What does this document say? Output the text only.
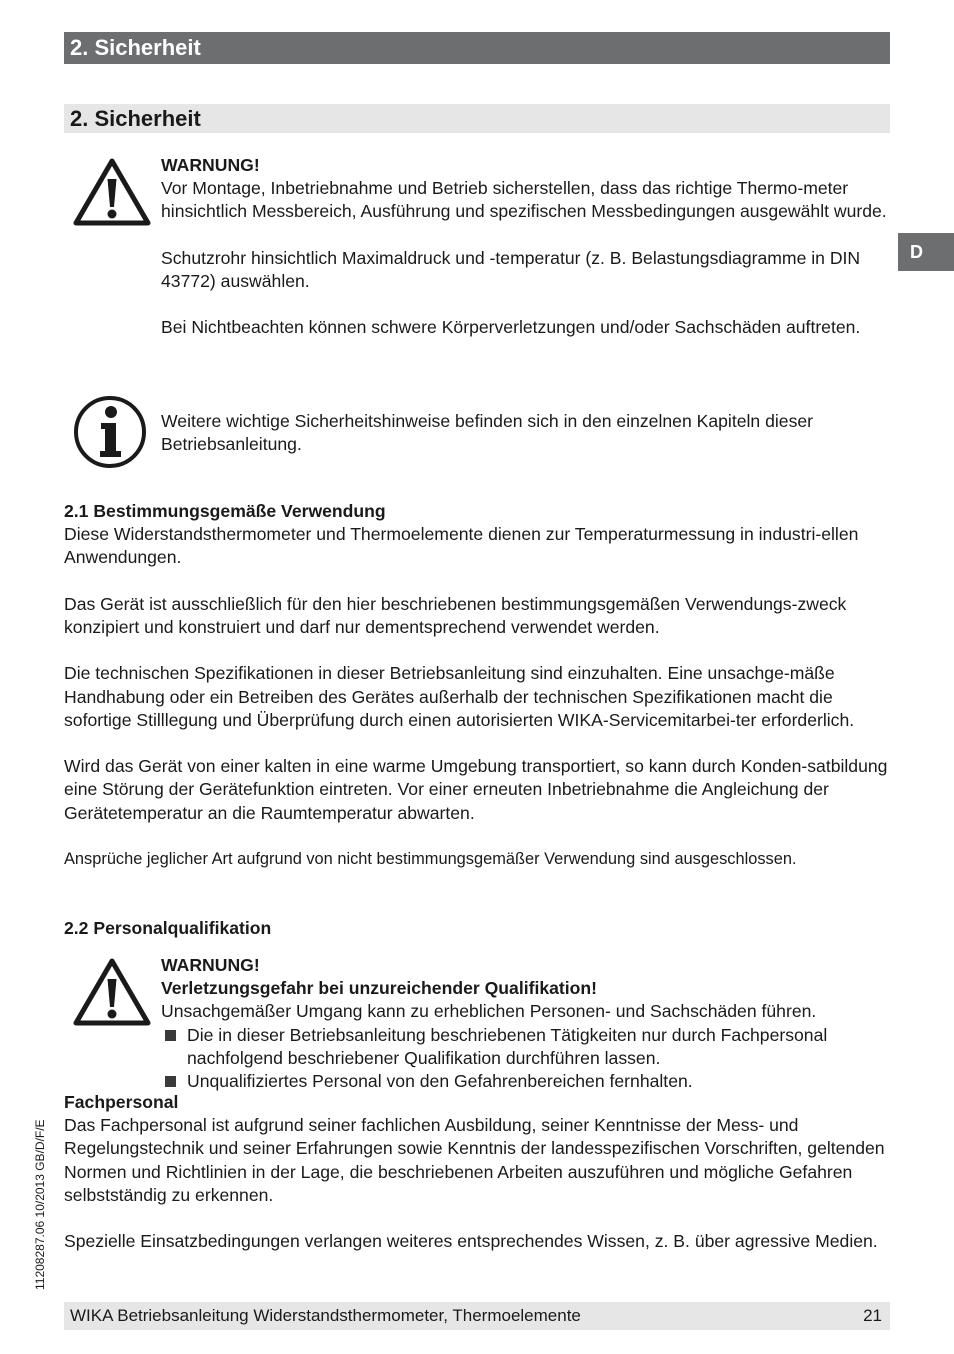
2. Sicherheit
2. Sicherheit
D

WARNUNG!

Vor Montage, Inbetriebnahme und Betrieb sicherstellen, dass das richtige Thermo-meter hinsichtlich Messbereich, Ausführung und spezifischen Messbedingungen ausgewählt wurde.

Schutzrohr hinsichtlich Maximaldruck und -temperatur (z. B. Belastungsdiagramme in DIN 43772) auswählen.

Bei Nichtbeachten können schwere Körperverletzungen und/oder Sachschäden auftreten.

Weitere wichtige Sicherheitshinweise befinden sich in den einzelnen Kapiteln dieser Betriebsanleitung.

2.1 Bestimmungsgemäße Verwendung

Diese Widerstandsthermometer und Thermoelemente dienen zur Temperaturmessung in industri-ellen Anwendungen.

Das Gerät ist ausschließlich für den hier beschriebenen bestimmungsgemäßen Verwendungs-zweck konzipiert und konstruiert und darf nur dementsprechend verwendet werden.

Die technischen Spezifikationen in dieser Betriebsanleitung sind einzuhalten. Eine unsachge-mäße Handhabung oder ein Betreiben des Gerätes außerhalb der technischen Spezifikationen macht die sofortige Stilllegung und Überprüfung durch einen autorisierten WIKA-Servicemitarbei-ter erforderlich.

Wird das Gerät von einer kalten in eine warme Umgebung transportiert, so kann durch Konden-satbildung eine Störung der Gerätefunktion eintreten. Vor einer erneuten Inbetriebnahme die Angleichung der Gerätetemperatur an die Raumtemperatur abwarten.

Ansprüche jeglicher Art aufgrund von nicht bestimmungsgemäßer Verwendung sind ausgeschlossen.

2.2 Personalqualifikation

WARNUNG!

Verletzungsgefahr bei unzureichender Qualifikation!

Unsachgemäßer Umgang kann zu erheblichen Personen- und Sachschäden führen.

Die in dieser Betriebsanleitung beschriebenen Tätigkeiten nur durch Fachpersonal nachfolgend beschriebener Qualifikation durchführen lassen.
Unqualifiziertes Personal von den Gefahrenbereichen fernhalten.

Fachpersonal

Das Fachpersonal ist aufgrund seiner fachlichen Ausbildung, seiner Kenntnisse der Mess- und Regelungstechnik und seiner Erfahrungen sowie Kenntnis der landesspezifischen Vorschriften, geltenden Normen und Richtlinien in der Lage, die beschriebenen Arbeiten auszuführen und mögliche Gefahren selbstständig zu erkennen.

Spezielle Einsatzbedingungen verlangen weiteres entsprechendes Wissen, z. B. über agressive Medien.

11208287.06 10/2013 GB/D/F/E
WIKA Betriebsanleitung Widerstandsthermometer, Thermoelemente	21
